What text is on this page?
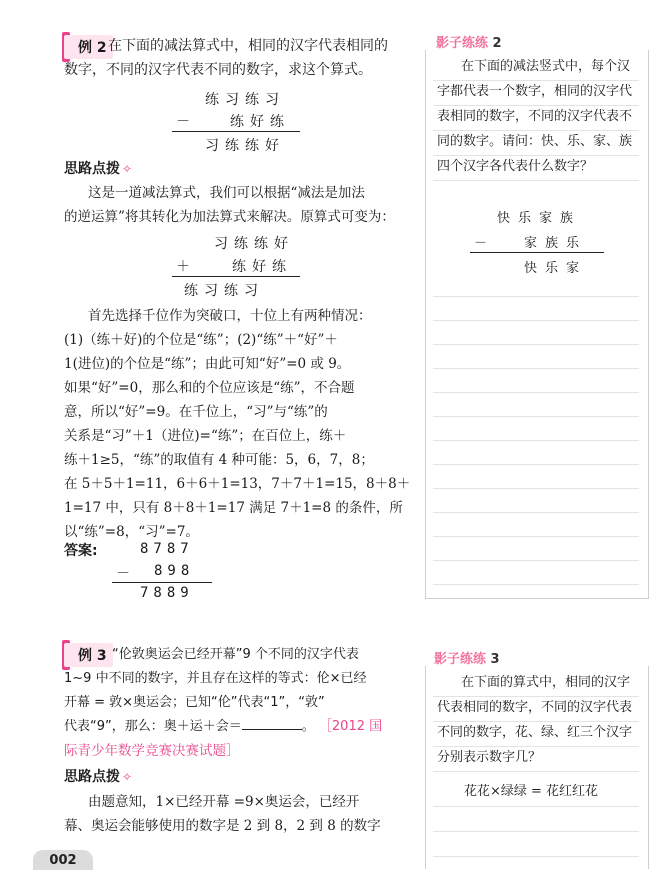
例 2 在下面的减法算式中，相同的汉字代表相同的
数字，不同的汉字代表不同的数字，求这个算式。
练习练习
－ 练好练
习练练好
思路点拨 ✧
这是一道减法算式，我们可以根据“减法是加法
的逆运算”将其转化为加法算式来解决。原算式可变为：
习练练好
＋	练好练
练习练习
首先选择千位作为突破口，十位上有两种情况：
(1)（练＋好)的个位是“练”；(2)“练”＋“好”＋
1(进位)的个位是“练”；由此可知“好”=0 或 9。
如果“好”=0，那么和的个位应该是“练”，不合题
意，所以“好”=9。在千位上，“习”与“练”的
关系是“习”＋1（进位)=“练”；在百位上，练＋
练＋1≥5，“练”的取值有 4 种可能：5，6，7，8；
在 5＋5＋1=11，6＋6＋1=13，7＋7＋1=15，8＋8＋
1=17 中，只有 8＋8＋1=17 满足 7＋1=8 的条件，所
以“练”=8，“习”=7。
答案:	8787
－ 898
7889
例 3 “伦敦奥运会已经开幕”9 个不同的汉字代表
1~9 中不同的数字，并且存在这样的等式：伦×已经
开幕 = 敦×奥运会；已知“伦”代表“1”，“敦”
代表“9”，那么：奥＋运＋会＝	。 ［2012 国
际青少年数学竞赛决赛试题］
思路点拨 ✧
由题意知，1×已经开幕 =9×奥运会，已经开
幕、奥运会能够使用的数字是 2 到 8，2 到 8 的数字
影子练练 2
在下面的减法竖式中，每个汉
字都代表一个数字，相同的汉字代
表相同的数字，不同的汉字代表不
同的数字。请问：快、乐、家、族
四个汉字各代表什么数字？
快乐家族
－ 家族乐
快乐家
影子练练 3
在下面的算式中，相同的汉字
代表相同的数字，不同的汉字代表
不同的数字，花、绿、红三个汉字
分别表示数字几？
花花×绿绿 = 花红红花
002
